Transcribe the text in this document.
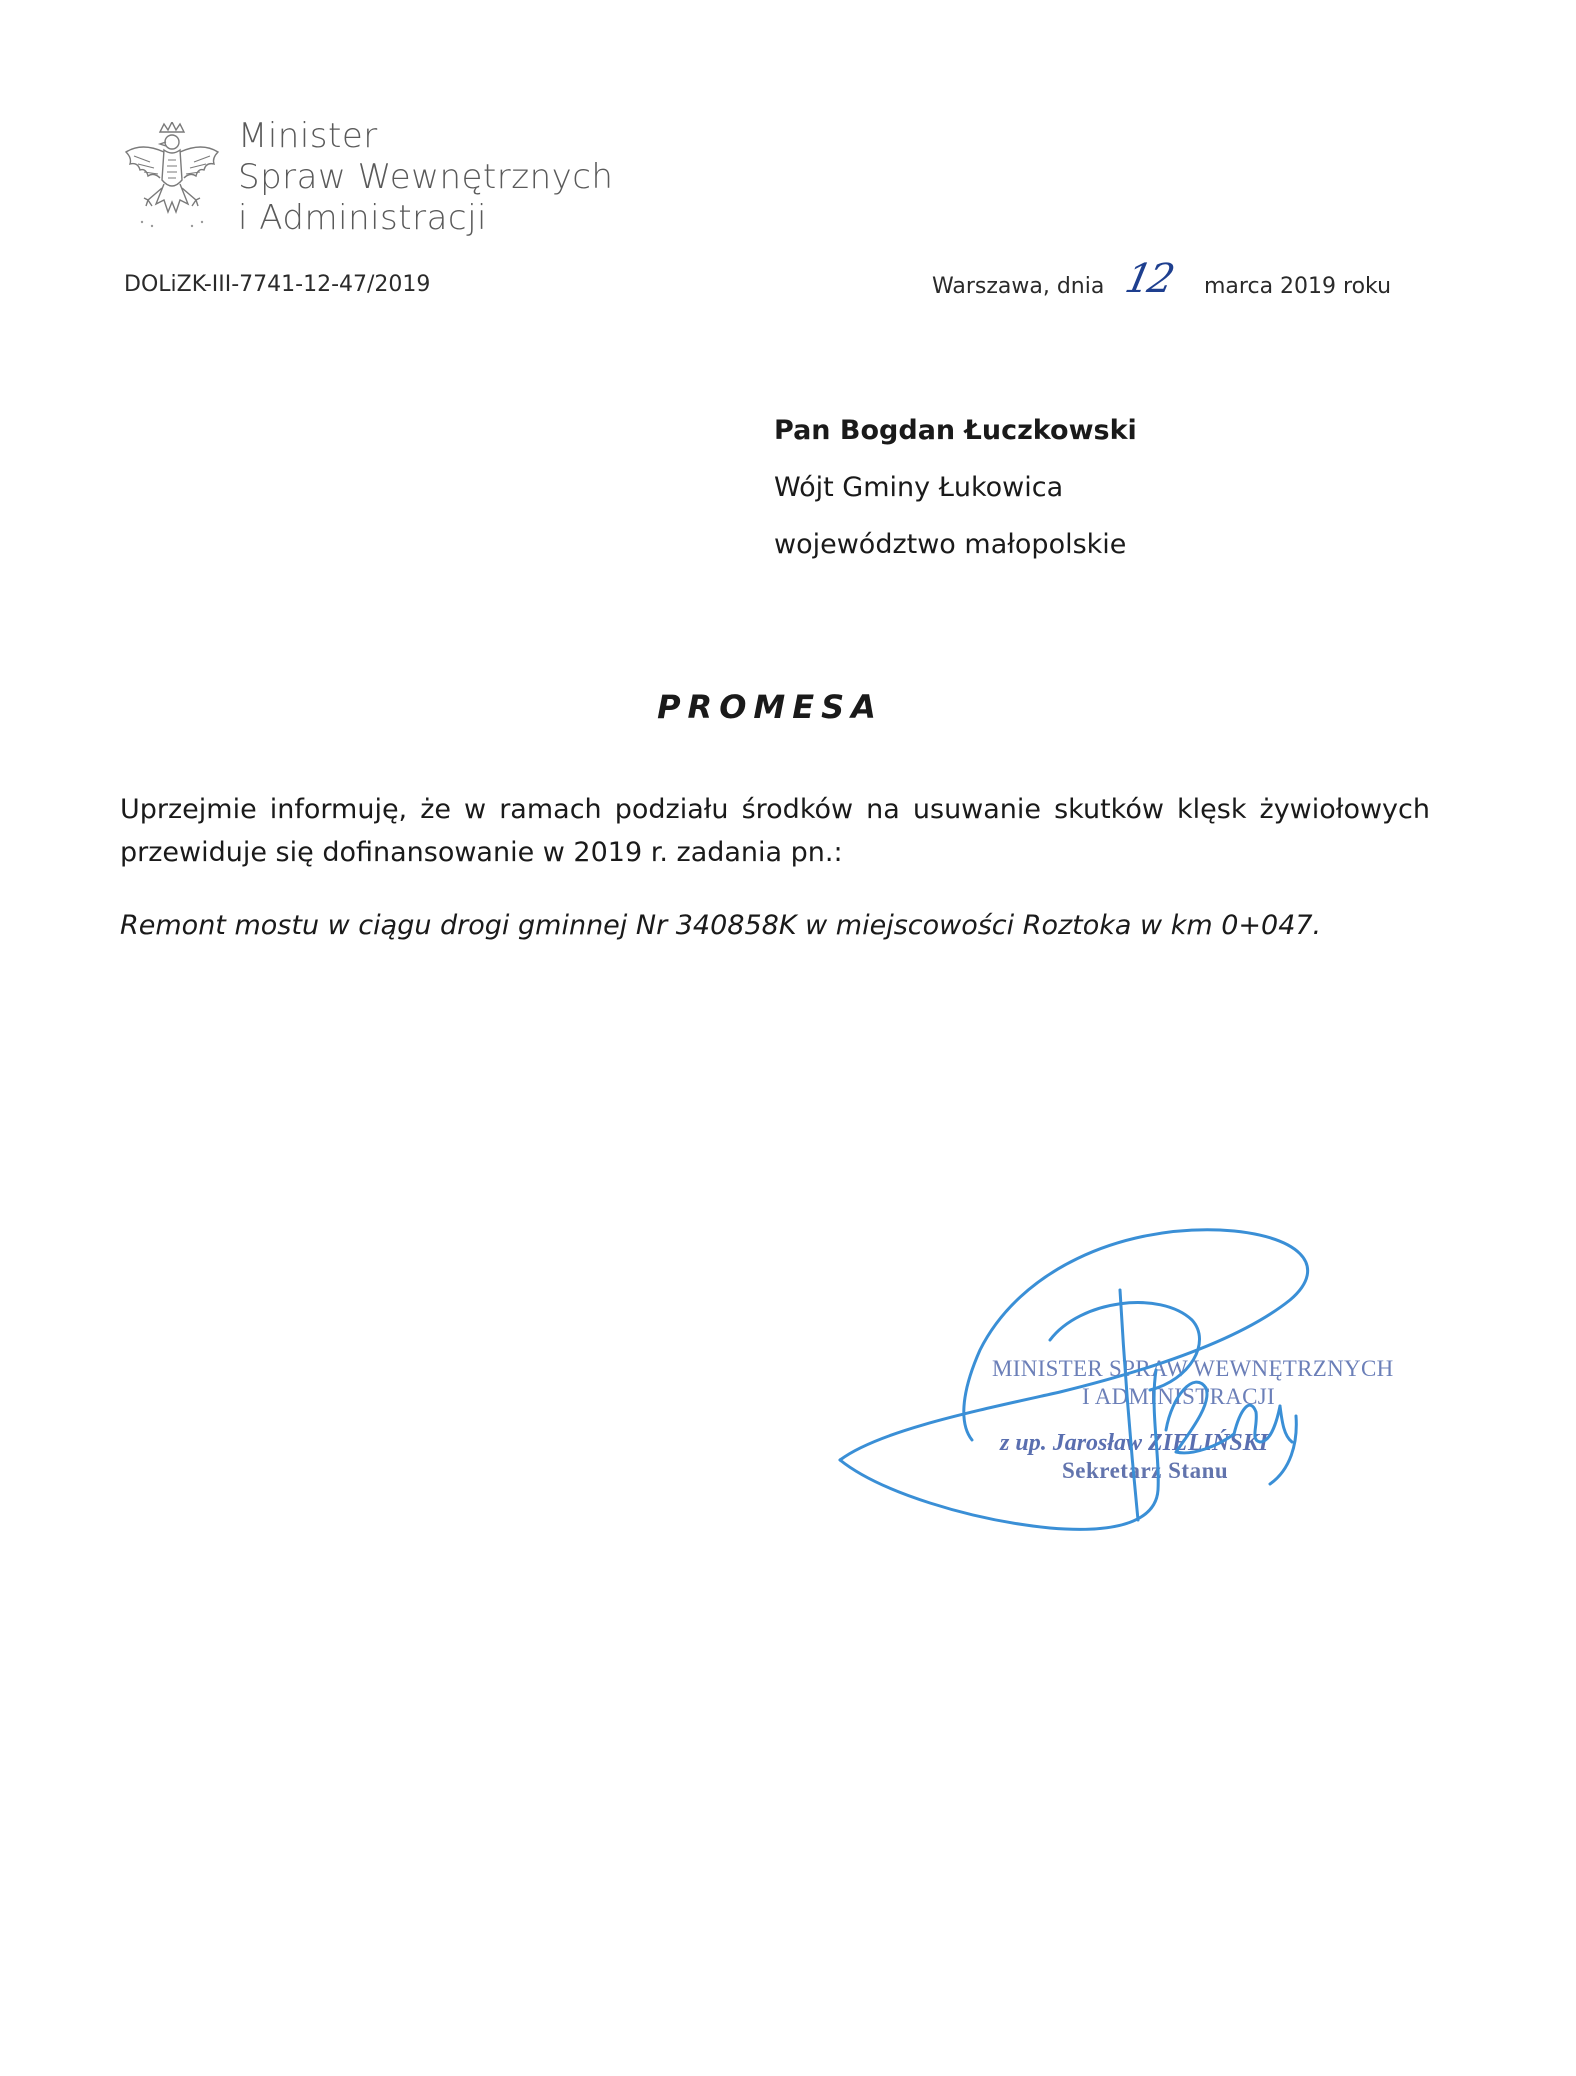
Minister
Spraw Wewnętrznych
i Administracji
DOLiZK-III-7741-12-47/2019	Warszawa, dnia 12 marca 2019 roku
Pan Bogdan Łuczkowski
Wójt Gminy Łukowica
województwo małopolskie
PROMESA
Uprzejmie informuję, że w ramach podziału środków na usuwanie skutków klęsk żywiołowych przewiduje się dofinansowanie w 2019 r. zadania pn.:
Remont mostu w ciągu drogi gminnej Nr 340858K w miejscowości Roztoka w km 0+047.
MINISTER SPRAW WEWNĘTRZNYCH
I ADMINISTRACJI
z up. Jarosław ZIELIŃSKI
Sekretarz Stanu
